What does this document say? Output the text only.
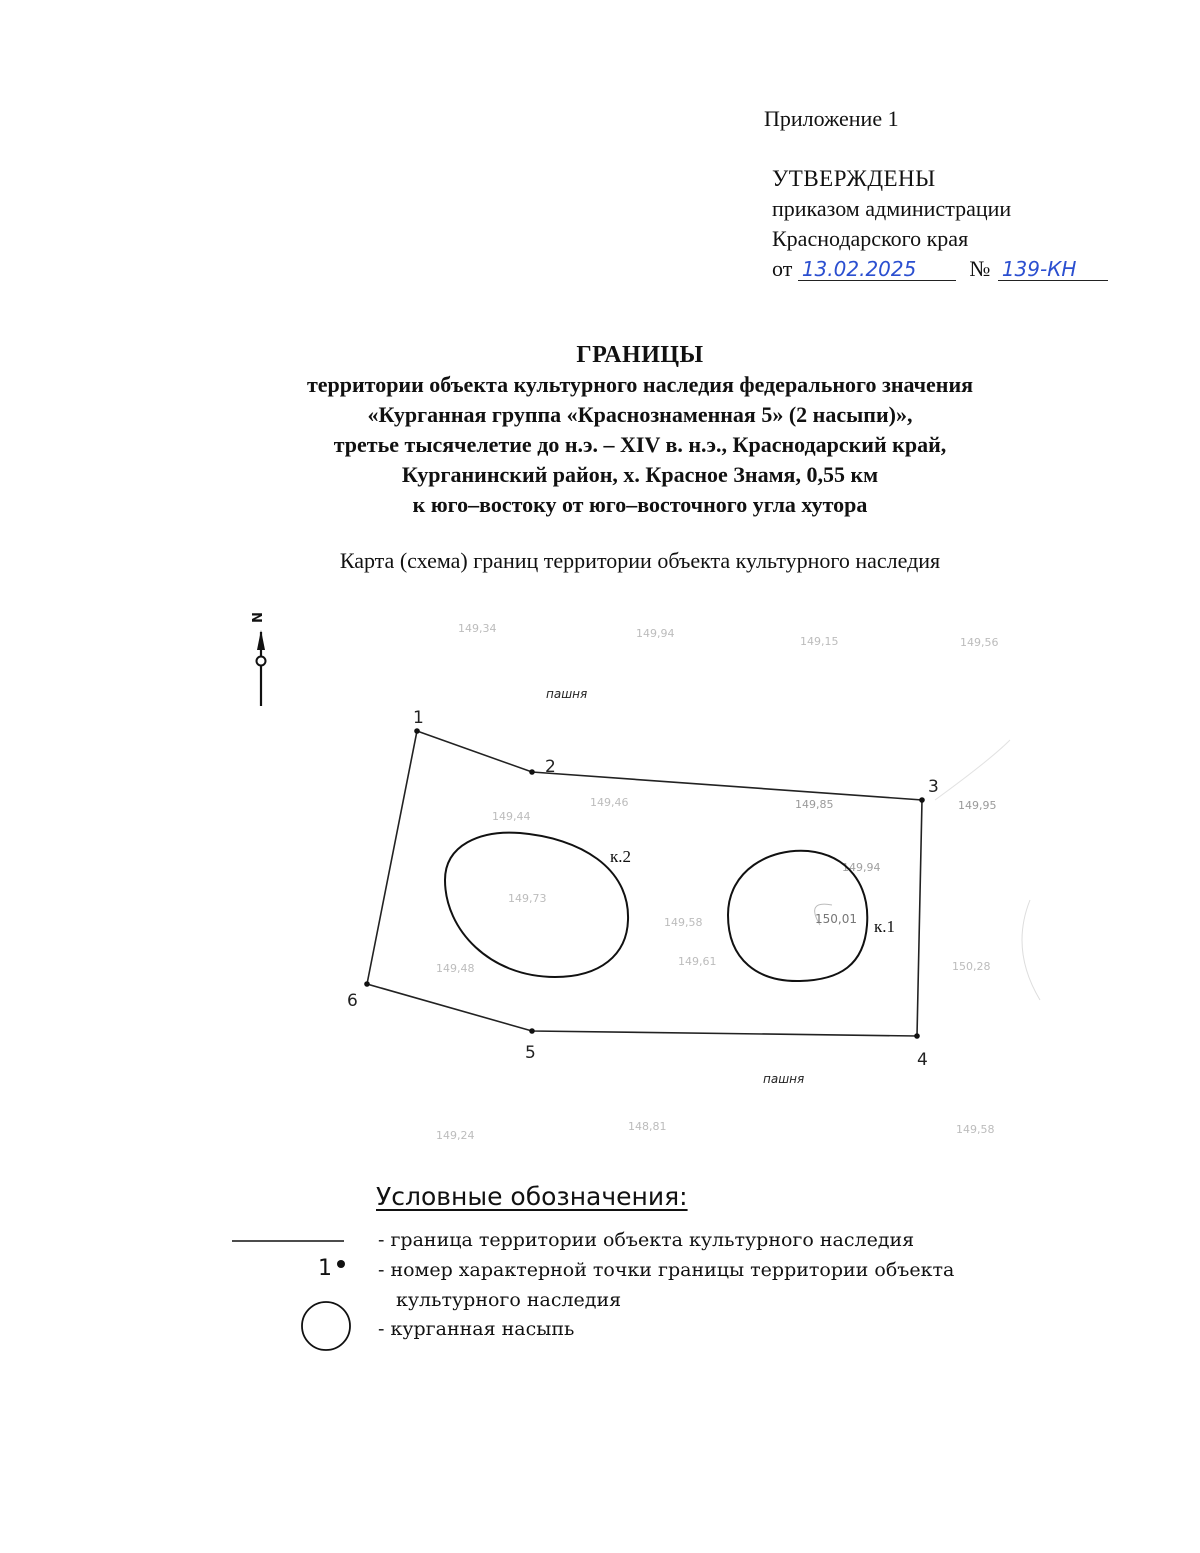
Приложение 1
УТВЕРЖДЕНЫ
приказом администрации
Краснодарского края
от 13.02.2025 № 139-КН
ГРАНИЦЫ
территории объекта культурного наследия федерального значения
«Курганная группа «Краснознаменная 5» (2 насыпи)»,
третье тысячелетие до н.э. – XIV в. н.э., Краснодарский край,
Курганинский район, х. Красное Знамя, 0,55 км
к юго–востоку от юго–восточного угла хутора
Карта (схема) границ территории объекта культурного наследия
N
149,34	149,94
149,15	149,56
149,44
149,46	149,85	149,95
149,73
149,94
150,01
149,58
149,61
149,48	150,28
149,24
148,81	149,58
пашня
пашня
1
2
3
4
5
6
к.2
к.1
1
Условные обозначения:
- граница территории объекта культурного наследия
- номер характерной точки границы территории объекта
культурного наследия
- курганная насыпь
